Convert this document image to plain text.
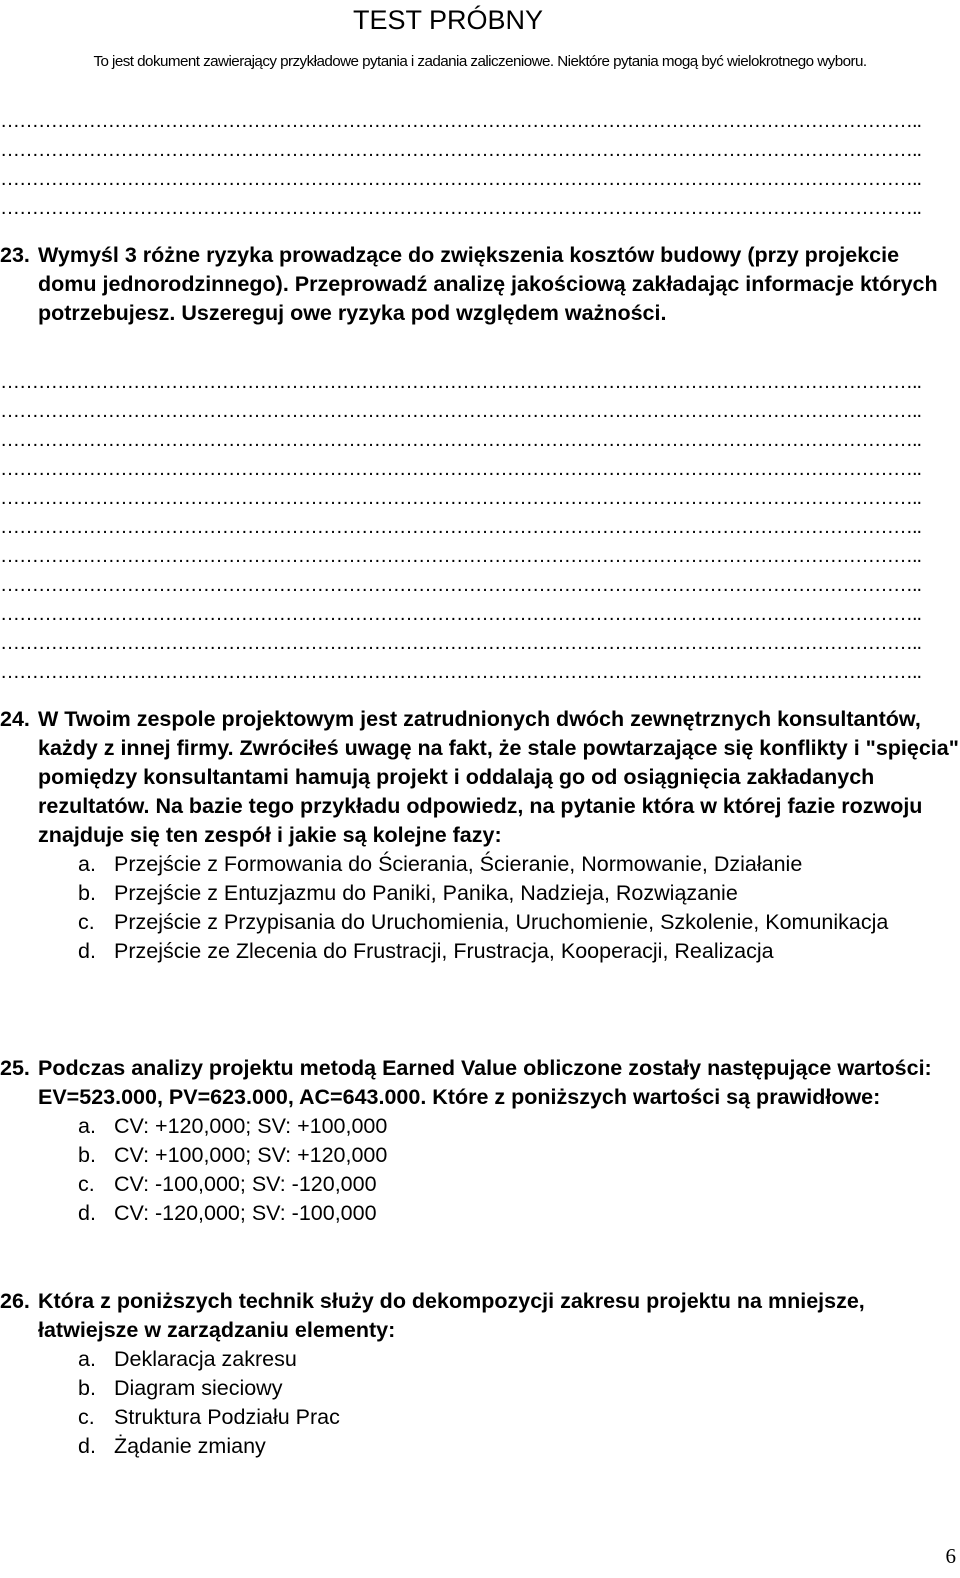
TEST PRÓBNY
To jest dokument zawierający przykładowe pytania i zadania zaliczeniowe. Niektóre pytania mogą być wielokrotnego wyboru.
………………………………………………………………………………………………………………………………..
………………………………………………………………………………………………………………………………..
………………………………………………………………………………………………………………………………..
………………………………………………………………………………………………………………………………..
23. Wymyśl 3 różne ryzyka prowadzące do zwiększenia kosztów budowy (przy projekcie domu jednorodzinnego). Przeprowadź analizę jakościową zakładając informacje których potrzebujesz. Uszereguj owe ryzyka pod względem ważności.
………………………………………………………………………………………………………………………………..
………………………………………………………………………………………………………………………………..
………………………………………………………………………………………………………………………………..
………………………………………………………………………………………………………………………………..
………………………………………………………………………………………………………………………………..
………………………………………………………………………………………………………………………………..
………………………………………………………………………………………………………………………………..
………………………………………………………………………………………………………………………………..
………………………………………………………………………………………………………………………………..
………………………………………………………………………………………………………………………………..
………………………………………………………………………………………………………………………………..
24. W Twoim zespole projektowym jest zatrudnionych dwóch zewnętrznych konsultantów, każdy z innej firmy. Zwróciłeś uwagę na fakt, że stale powtarzające się konflikty i "spięcia" pomiędzy konsultantami hamują projekt i oddalają go od osiągnięcia zakładanych rezultatów. Na bazie tego przykładu odpowiedz, na pytanie która w której fazie rozwoju znajduje się ten zespół i jakie są kolejne fazy:
a. Przejście z Formowania do Ścierania, Ścieranie, Normowanie, Działanie
b. Przejście z Entuzjazmu do Paniki, Panika, Nadzieja, Rozwiązanie
c. Przejście z Przypisania do Uruchomienia, Uruchomienie, Szkolenie, Komunikacja
d. Przejście ze Zlecenia do Frustracji, Frustracja, Kooperacji, Realizacja
25. Podczas analizy projektu metodą Earned Value obliczone zostały następujące wartości: EV=523.000, PV=623.000, AC=643.000. Które z poniższych wartości są prawidłowe:
a. CV: +120,000; SV: +100,000
b. CV: +100,000; SV: +120,000
c. CV: -100,000; SV: -120,000
d. CV: -120,000; SV: -100,000
26. Która z poniższych technik służy do dekompozycji zakresu projektu na mniejsze, łatwiejsze w zarządzaniu elementy:
a. Deklaracja zakresu
b. Diagram sieciowy
c. Struktura Podziału Prac
d. Żądanie zmiany
6
